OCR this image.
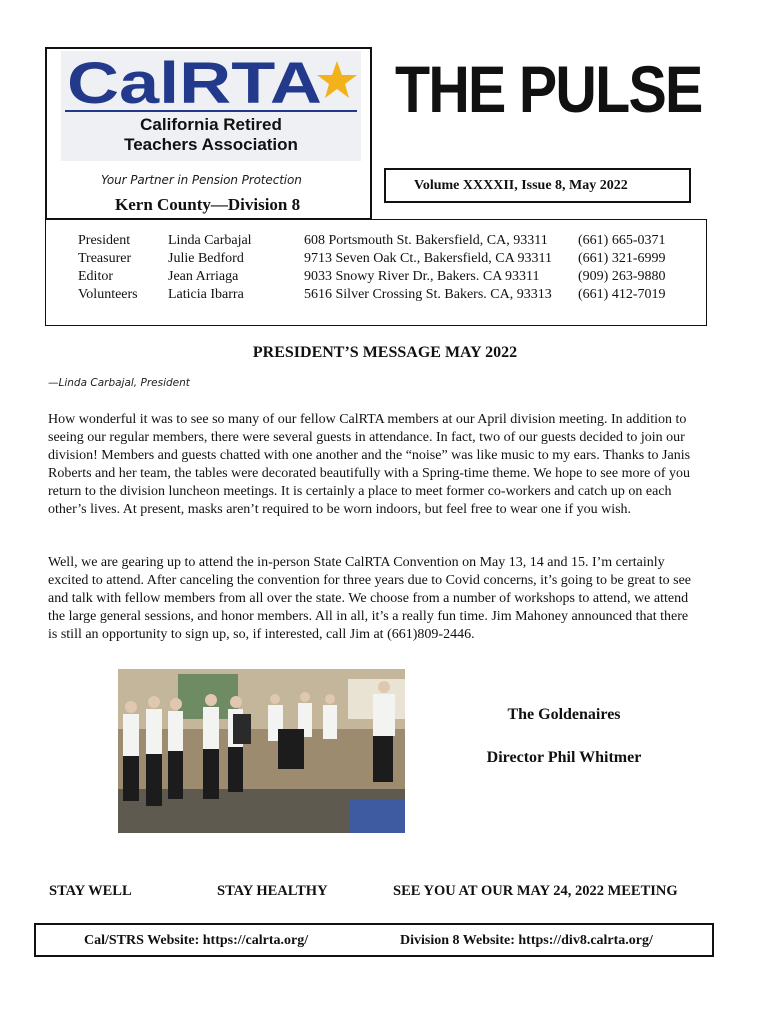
CalRTA
California Retired
Teachers Association
Your Partner in Pension Protection
Kern County—Division 8
THE PULSE
Volume XXXXII, Issue 8, May 2022
President	Linda Carbajal	608 Portsmouth St. Bakersfield, CA, 93311 (661) 665-0371
Treasurer	Julie Bedford	9713 Seven Oak Ct., Bakersfield, CA 93311 (661) 321-6999
Editor	Jean Arriaga	9033 Snowy River Dr., Bakers. CA 93311	(909) 263-9880
Volunteers Laticia Ibarra	5616 Silver Crossing St. Bakers. CA, 93313 (661) 412-7019
PRESIDENT’S MESSAGE MAY 2022
—Linda Carbajal, President
How wonderful it was to see so many of our fellow CalRTA members at our April division meeting. In addition to seeing our regular members, there were several guests in attendance. In fact, two of our guests decided to join our division! Members and guests chatted with one another and the “noise” was like music to my ears. Thanks to Janis Roberts and her team, the tables were decorated beautifully with a Spring-time theme. We hope to see more of you return to the division luncheon meetings. It is certainly a place to meet former co-workers and catch up on each other’s lives. At present, masks aren’t required to be worn indoors, but feel free to wear one if you wish.
Well, we are gearing up to attend the in-person State CalRTA Convention on May 13, 14 and 15. I’m certainly excited to attend. After canceling the convention for three years due to Covid concerns, it’s going to be great to see and talk with fellow members from all over the state. We choose from a number of workshops to attend, we attend the large general sessions, and honor members. All in all, it’s a really fun time. Jim Mahoney announced that there is still an opportunity to sign up, so, if interested, call Jim at (661)809-2446.
The Goldenaires
Director Phil Whitmer
STAY WELL	STAY HEALTHY	SEE YOU AT OUR MAY 24, 2022 MEETING
Cal/STRS Website: https://calrta.org/	Division 8 Website: https://div8.calrta.org/
